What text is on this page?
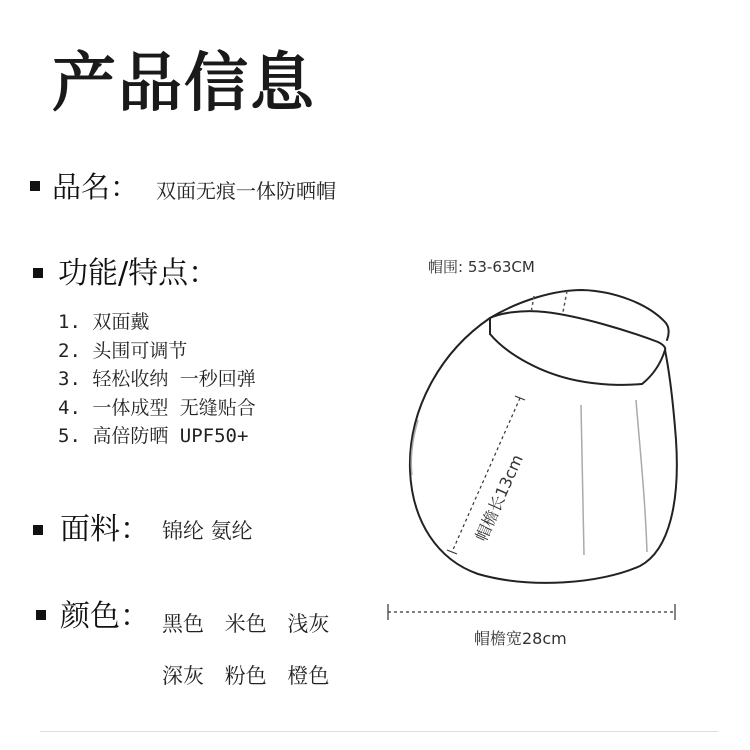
产品信息
品名： 双面无痕一体防晒帽
功能/特点：
1. 双面戴
2. 头围可调节
3. 轻松收纳 一秒回弹
4. 一体成型 无缝贴合
5. 高倍防晒 UPF50+
面料： 锦纶 氨纶
颜色： 黑色 米色 浅灰
深灰 粉色 橙色
帽围: 53-63CM
帽檐长13cm
帽檐宽28cm
